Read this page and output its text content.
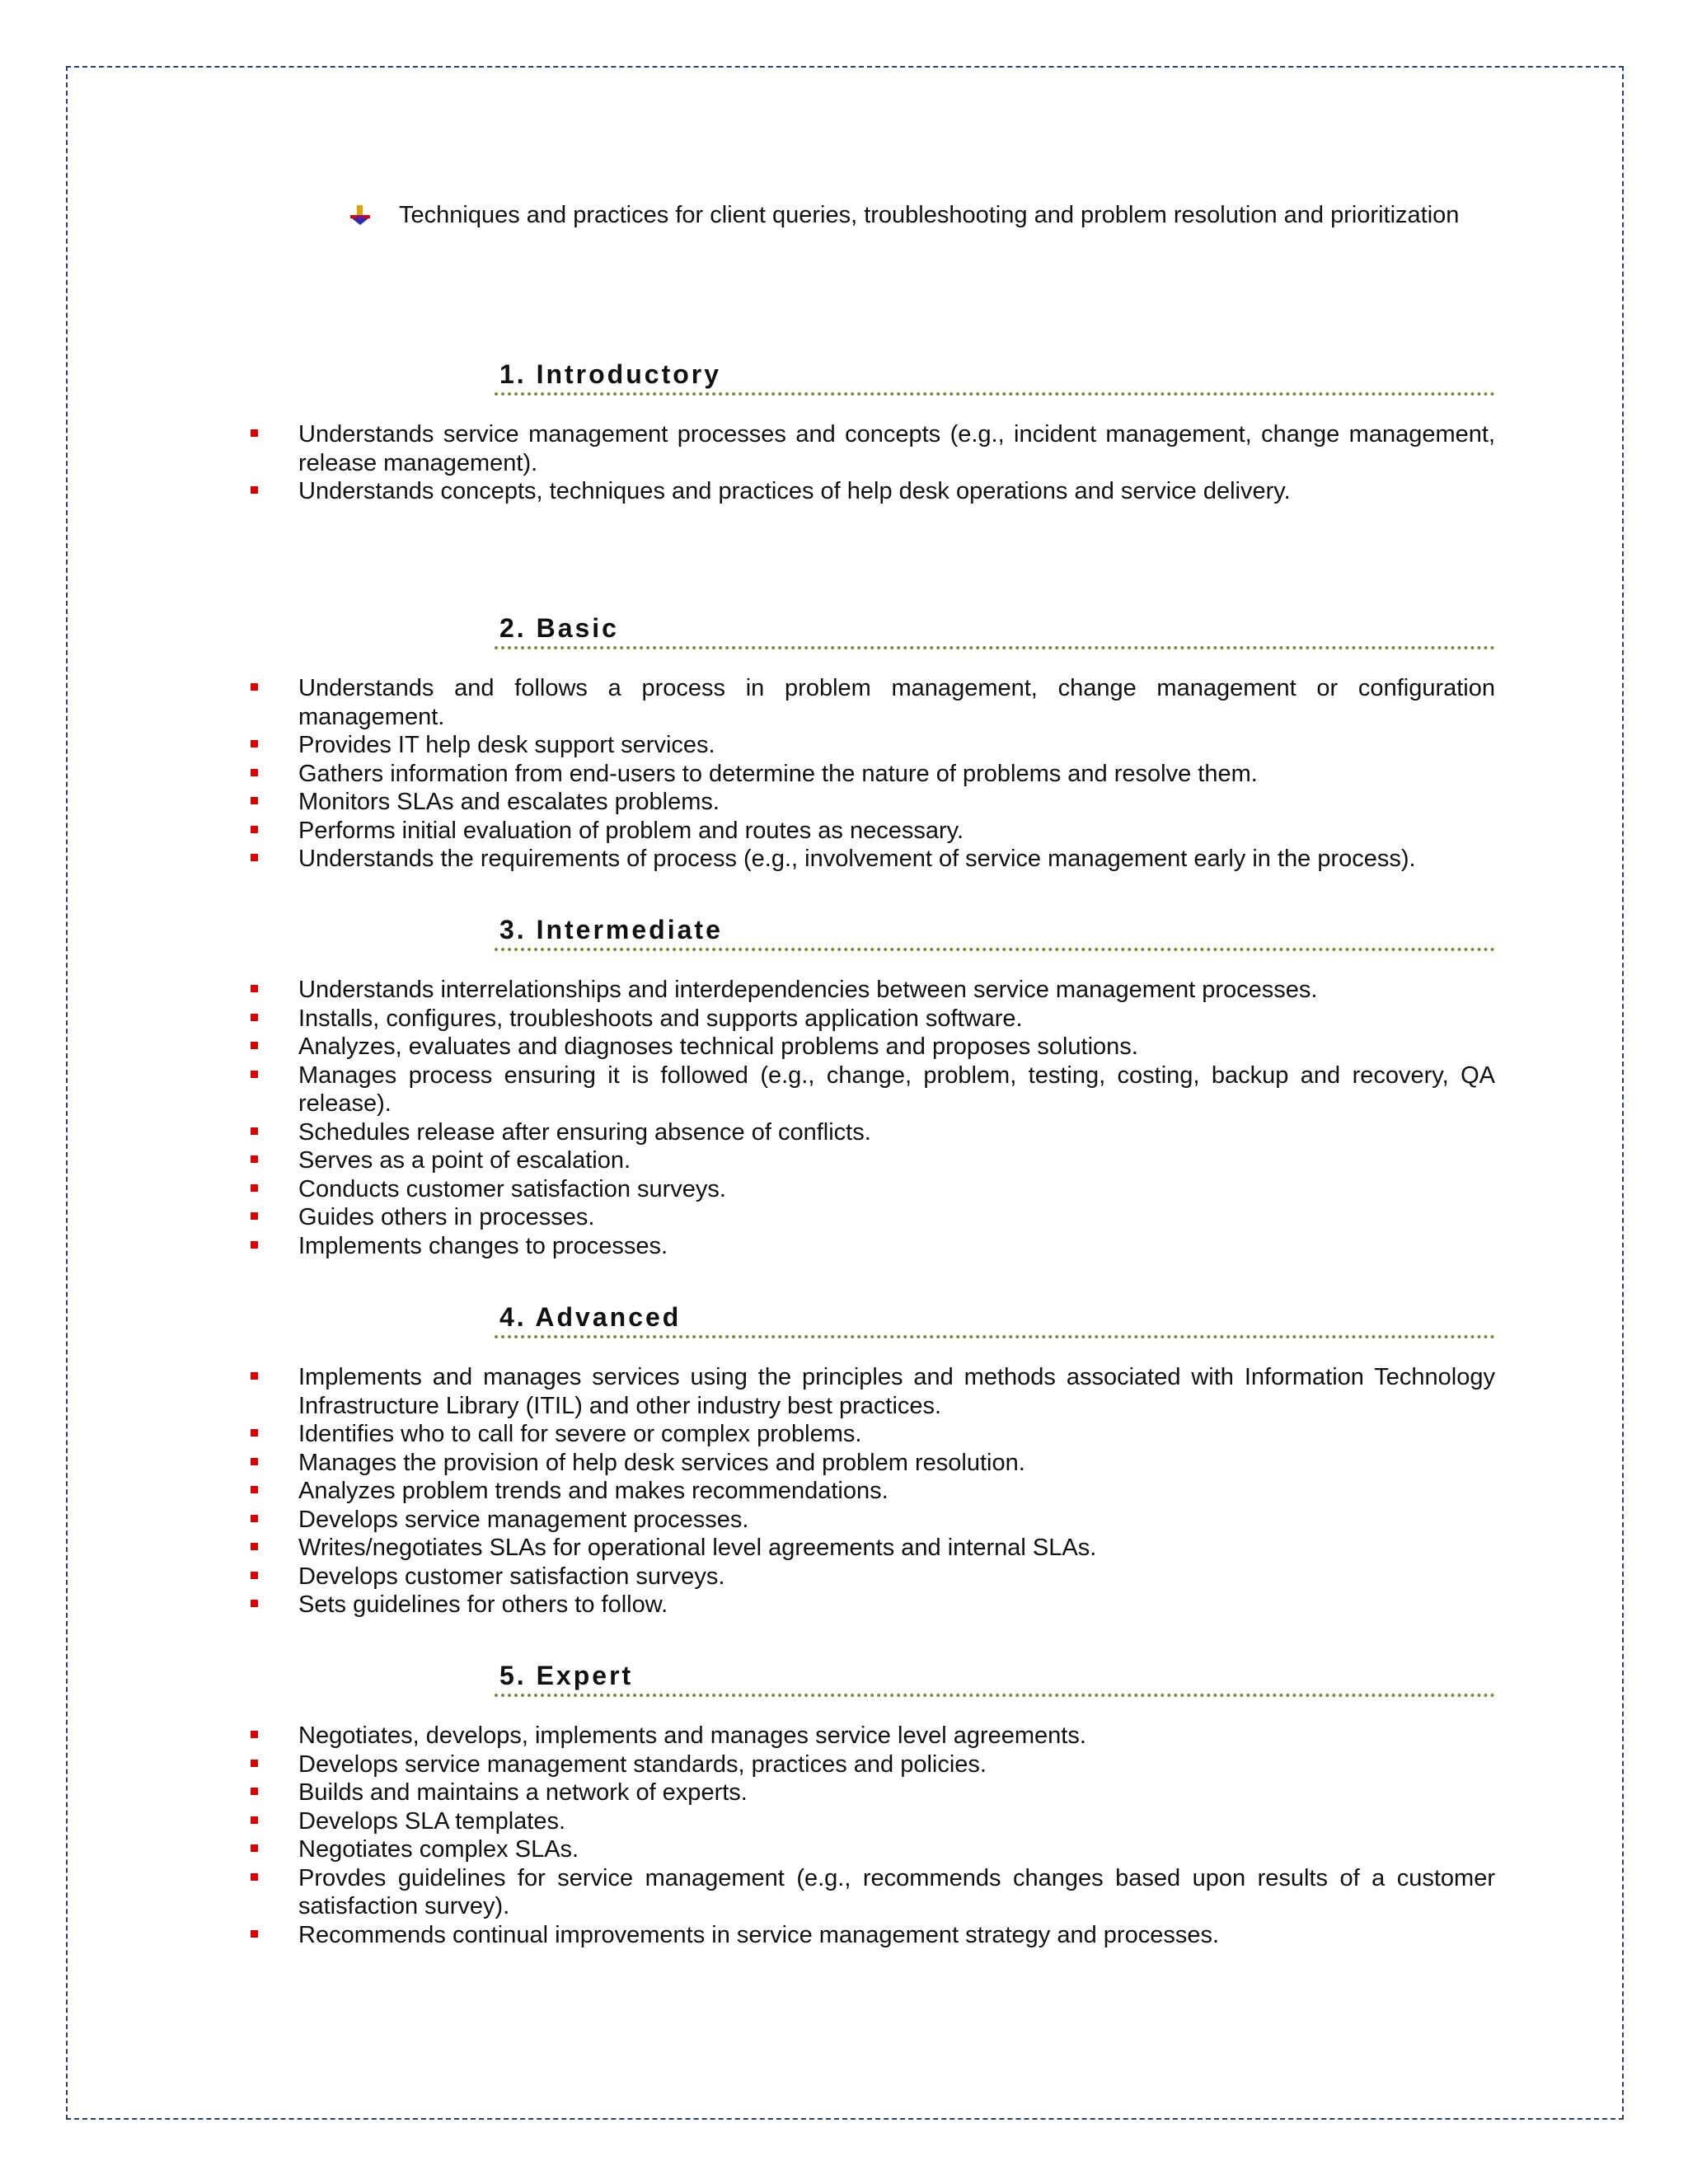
Techniques and practices for client queries, troubleshooting and problem resolution and prioritization
1. Introductory
Understands service management processes and concepts (e.g., incident management, change management, release management).
Understands concepts, techniques and practices of help desk operations and service delivery.
2. Basic
Understands and follows a process in problem management, change management or configuration management.
Provides IT help desk support services.
Gathers information from end-users to determine the nature of problems and resolve them.
Monitors SLAs and escalates problems.
Performs initial evaluation of problem and routes as necessary.
Understands the requirements of process (e.g., involvement of service management early in the process).
3. Intermediate
Understands interrelationships and interdependencies between service management processes.
Installs, configures, troubleshoots and supports application software.
Analyzes, evaluates and diagnoses technical problems and proposes solutions.
Manages process ensuring it is followed (e.g., change, problem, testing, costing, backup and recovery, QA release).
Schedules release after ensuring absence of conflicts.
Serves as a point of escalation.
Conducts customer satisfaction surveys.
Guides others in processes.
Implements changes to processes.
4. Advanced
Implements and manages services using the principles and methods associated with Information Technology Infrastructure Library (ITIL) and other industry best practices.
Identifies who to call for severe or complex problems.
Manages the provision of help desk services and problem resolution.
Analyzes problem trends and makes recommendations.
Develops service management processes.
Writes/negotiates SLAs for operational level agreements and internal SLAs.
Develops customer satisfaction surveys.
Sets guidelines for others to follow.
5. Expert
Negotiates, develops, implements and manages service level agreements.
Develops service management standards, practices and policies.
Builds and maintains a network of experts.
Develops SLA templates.
Negotiates complex SLAs.
Provdes guidelines for service management (e.g., recommends changes based upon results of a customer satisfaction survey).
Recommends continual improvements in service management strategy and processes.
